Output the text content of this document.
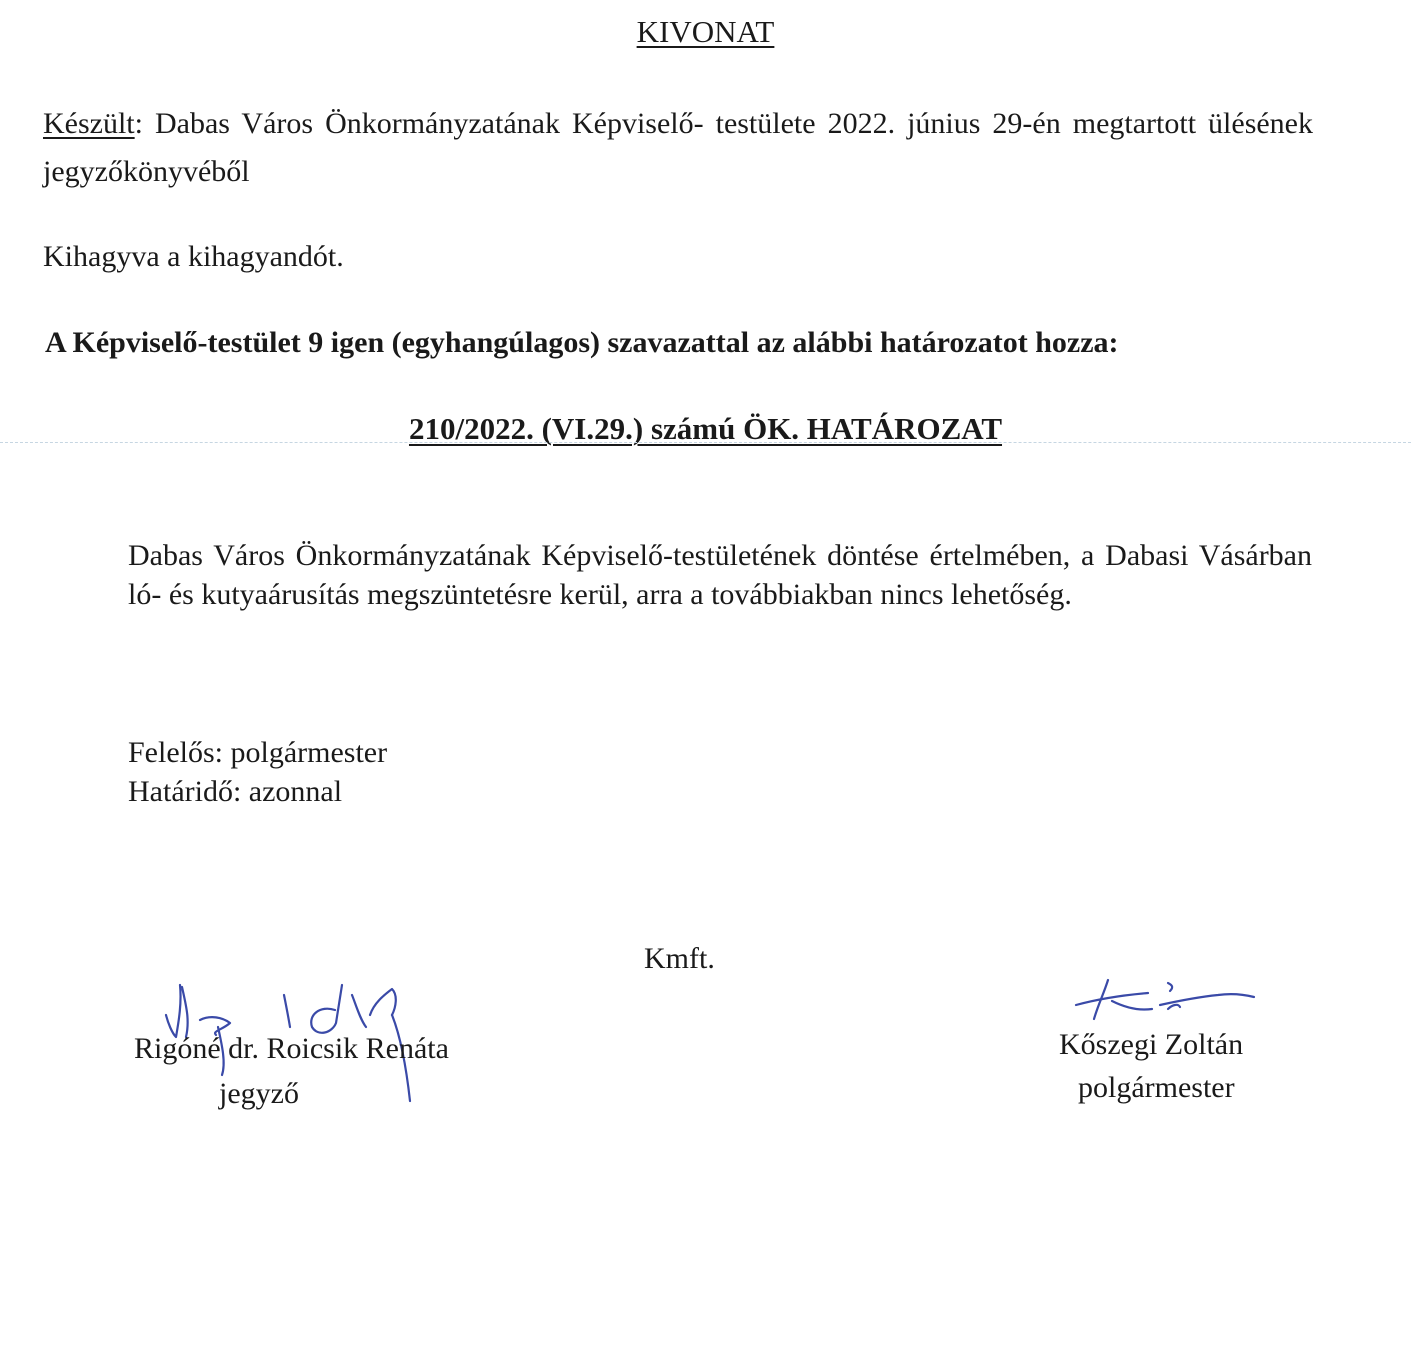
KIVONAT
Készült: Dabas Város Önkormányzatának Képviselő- testülete 2022. június 29-én megtartott ülésének jegyzőkönyvéből
Kihagyva a kihagyandót.
A Képviselő-testület 9 igen (egyhangúlagos) szavazattal az alábbi határozatot hozza:
210/2022. (VI.29.) számú ÖK. HATÁROZAT
Dabas Város Önkormányzatának Képviselő-testületének döntése értelmében, a Dabasi Vásárban ló- és kutyaárusítás megszüntetésre kerül, arra a továbbiakban nincs lehetőség.
Felelős: polgármester
Határidő: azonnal
Kmft.
Rigóné dr. Roicsik Renáta
jegyző
Kőszegi Zoltán
polgármester
